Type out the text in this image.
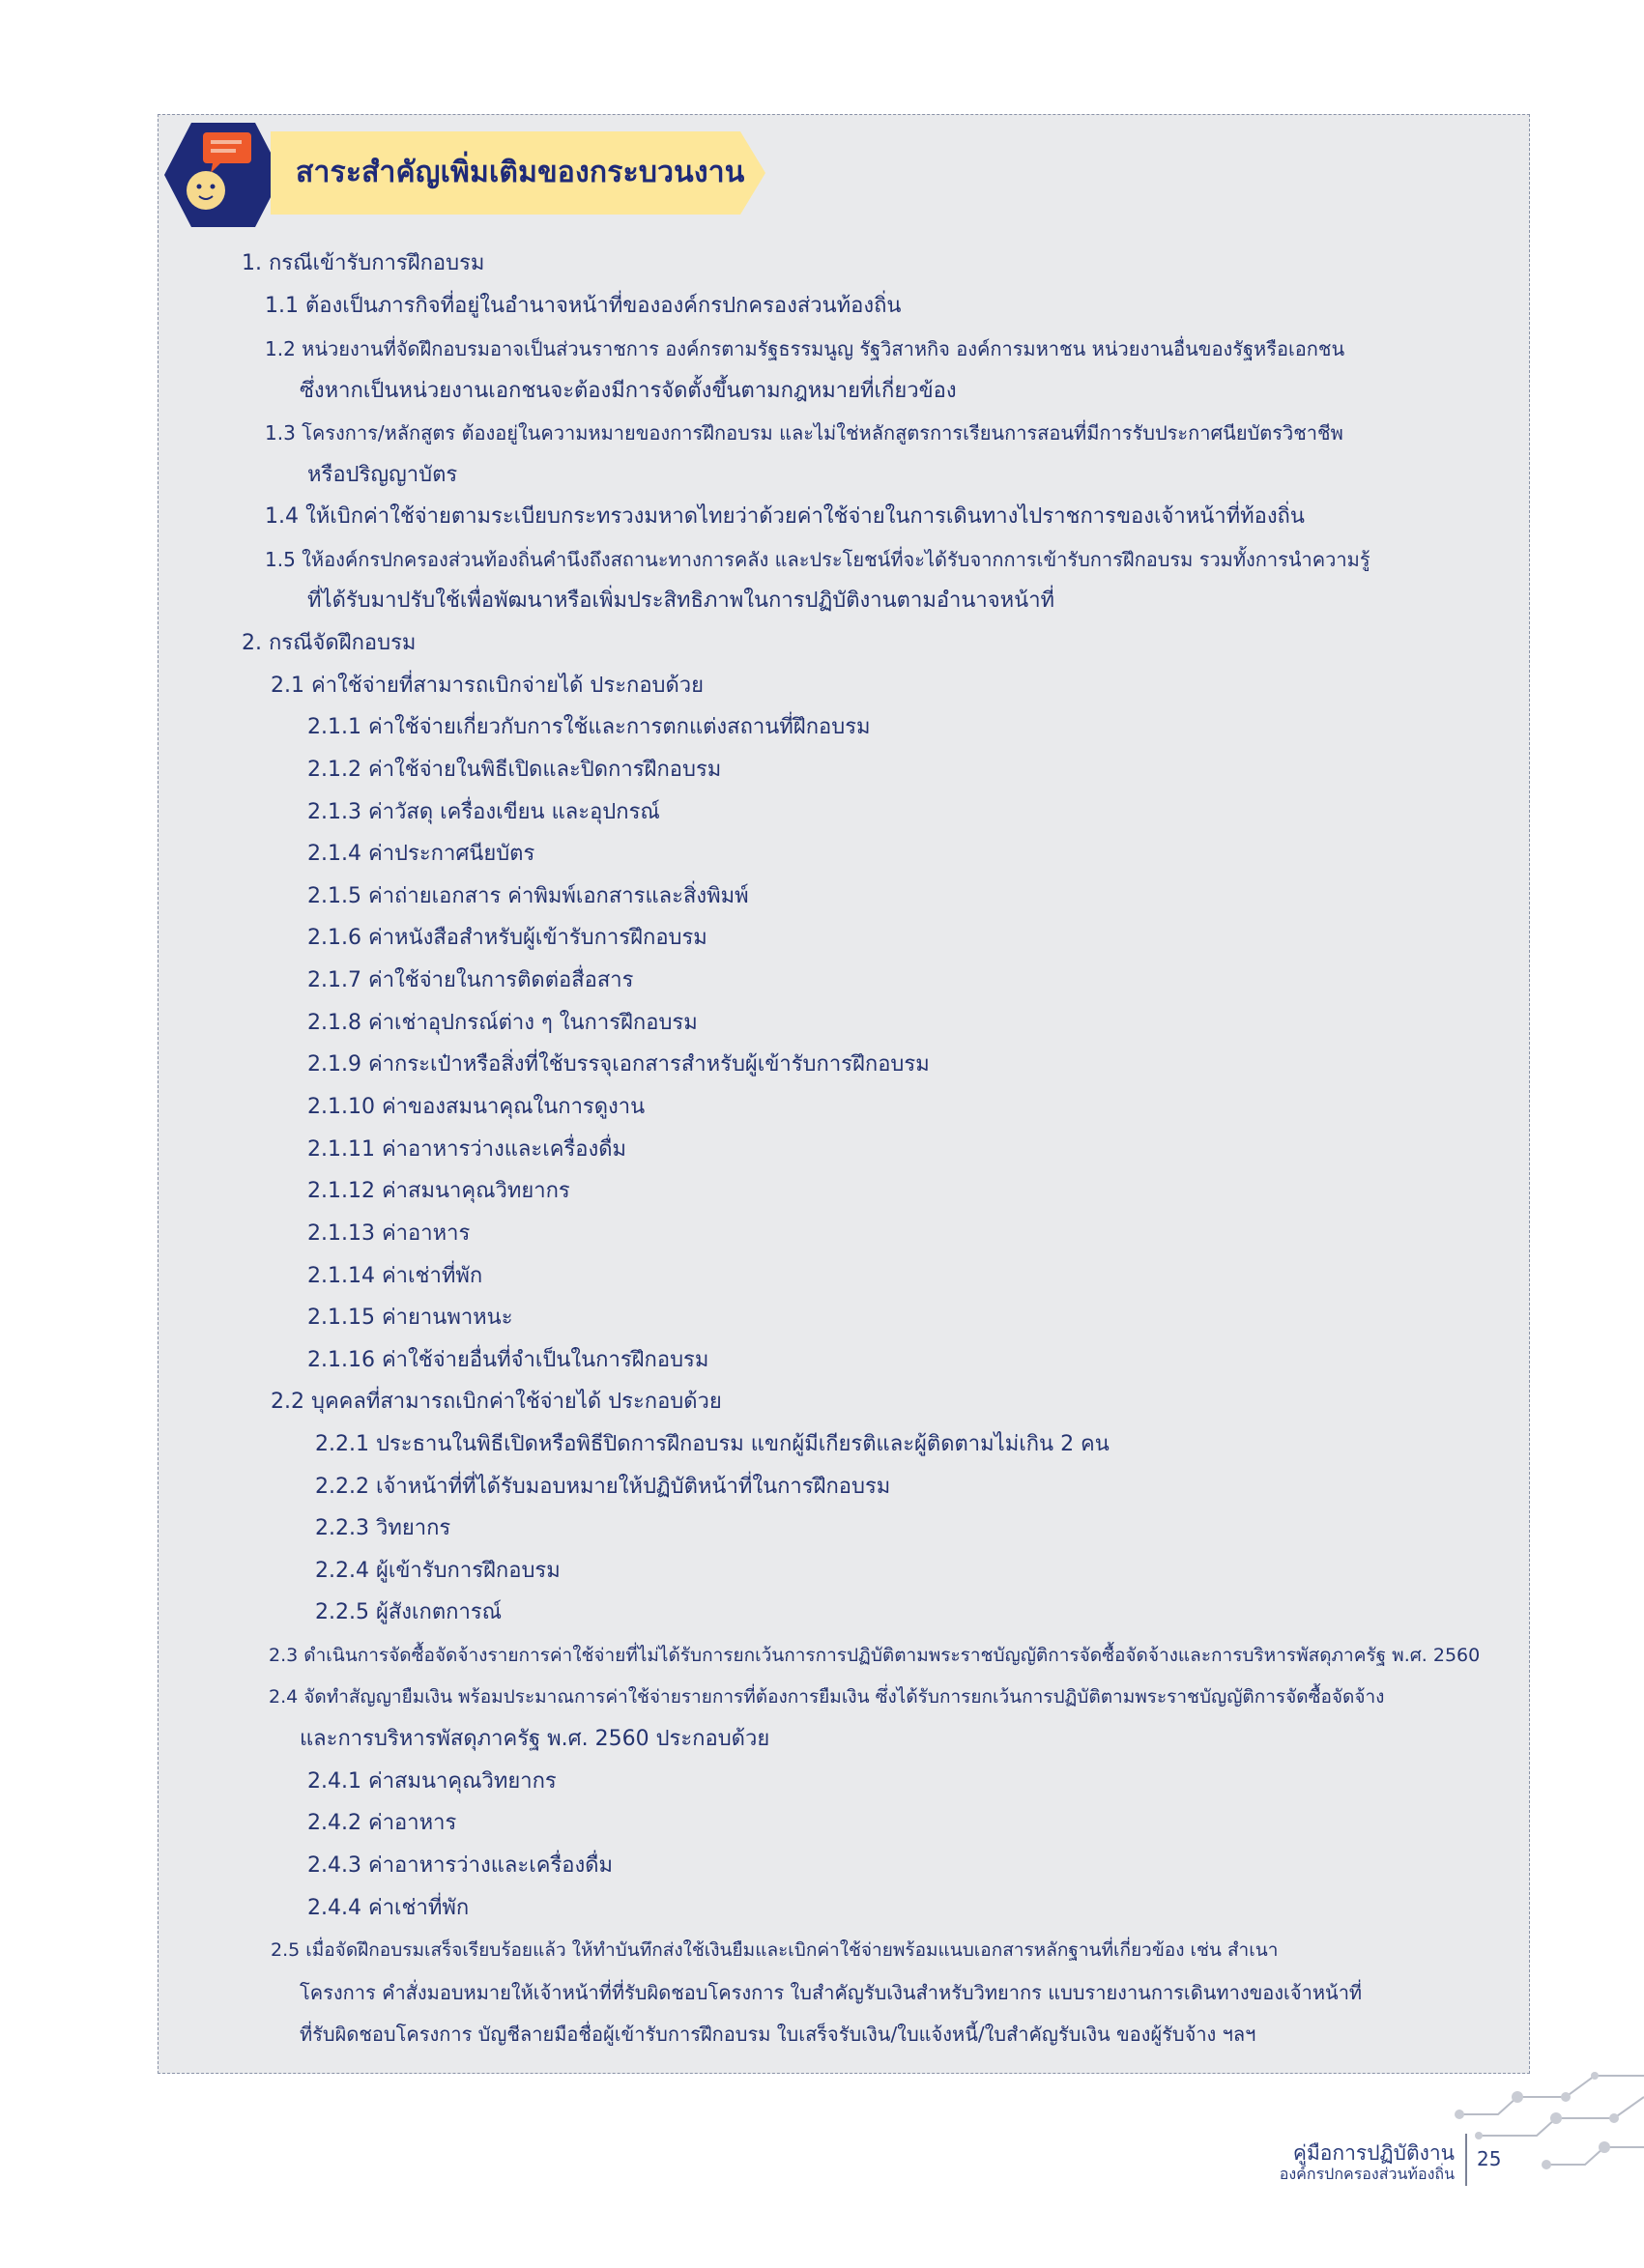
สาระสำคัญเพิ่มเติมของกระบวนงาน
1. กรณีเข้ารับการฝึกอบรม
1.1 ต้องเป็นภารกิจที่อยู่ในอำนาจหน้าที่ขององค์กรปกครองส่วนท้องถิ่น
1.2 หน่วยงานที่จัดฝึกอบรมอาจเป็นส่วนราชการ องค์กรตามรัฐธรรมนูญ รัฐวิสาหกิจ องค์การมหาชน หน่วยงานอื่นของรัฐหรือเอกชน
ซึ่งหากเป็นหน่วยงานเอกชนจะต้องมีการจัดตั้งขึ้นตามกฎหมายที่เกี่ยวข้อง
1.3 โครงการ/หลักสูตร ต้องอยู่ในความหมายของการฝึกอบรม และไม่ใช่หลักสูตรการเรียนการสอนที่มีการรับประกาศนียบัตรวิชาชีพ
หรือปริญญาบัตร
1.4 ให้เบิกค่าใช้จ่ายตามระเบียบกระทรวงมหาดไทยว่าด้วยค่าใช้จ่ายในการเดินทางไปราชการของเจ้าหน้าที่ท้องถิ่น
1.5 ให้องค์กรปกครองส่วนท้องถิ่นคำนึงถึงสถานะทางการคลัง และประโยชน์ที่จะได้รับจากการเข้ารับการฝึกอบรม รวมทั้งการนำความรู้
ที่ได้รับมาปรับใช้เพื่อพัฒนาหรือเพิ่มประสิทธิภาพในการปฏิบัติงานตามอำนาจหน้าที่
2. กรณีจัดฝึกอบรม
2.1 ค่าใช้จ่ายที่สามารถเบิกจ่ายได้ ประกอบด้วย
2.1.1 ค่าใช้จ่ายเกี่ยวกับการใช้และการตกแต่งสถานที่ฝึกอบรม
2.1.2 ค่าใช้จ่ายในพิธีเปิดและปิดการฝึกอบรม
2.1.3 ค่าวัสดุ เครื่องเขียน และอุปกรณ์
2.1.4 ค่าประกาศนียบัตร
2.1.5 ค่าถ่ายเอกสาร ค่าพิมพ์เอกสารและสิ่งพิมพ์
2.1.6 ค่าหนังสือสำหรับผู้เข้ารับการฝึกอบรม
2.1.7 ค่าใช้จ่ายในการติดต่อสื่อสาร
2.1.8 ค่าเช่าอุปกรณ์ต่าง ๆ ในการฝึกอบรม
2.1.9 ค่ากระเป๋าหรือสิ่งที่ใช้บรรจุเอกสารสำหรับผู้เข้ารับการฝึกอบรม
2.1.10 ค่าของสมนาคุณในการดูงาน
2.1.11 ค่าอาหารว่างและเครื่องดื่ม
2.1.12 ค่าสมนาคุณวิทยากร
2.1.13 ค่าอาหาร
2.1.14 ค่าเช่าที่พัก
2.1.15 ค่ายานพาหนะ
2.1.16 ค่าใช้จ่ายอื่นที่จำเป็นในการฝึกอบรม
2.2 บุคคลที่สามารถเบิกค่าใช้จ่ายได้ ประกอบด้วย
2.2.1 ประธานในพิธีเปิดหรือพิธีปิดการฝึกอบรม แขกผู้มีเกียรติและผู้ติดตามไม่เกิน 2 คน
2.2.2 เจ้าหน้าที่ที่ได้รับมอบหมายให้ปฏิบัติหน้าที่ในการฝึกอบรม
2.2.3 วิทยากร
2.2.4 ผู้เข้ารับการฝึกอบรม
2.2.5 ผู้สังเกตการณ์
2.3 ดำเนินการจัดซื้อจัดจ้างรายการค่าใช้จ่ายที่ไม่ได้รับการยกเว้นการการปฏิบัติตามพระราชบัญญัติการจัดซื้อจัดจ้างและการบริหารพัสดุภาครัฐ พ.ศ. 2560
2.4 จัดทำสัญญายืมเงิน พร้อมประมาณการค่าใช้จ่ายรายการที่ต้องการยืมเงิน ซึ่งได้รับการยกเว้นการปฏิบัติตามพระราชบัญญัติการจัดซื้อจัดจ้าง
และการบริหารพัสดุภาครัฐ พ.ศ. 2560 ประกอบด้วย
2.4.1 ค่าสมนาคุณวิทยากร
2.4.2 ค่าอาหาร
2.4.3 ค่าอาหารว่างและเครื่องดื่ม
2.4.4 ค่าเช่าที่พัก
2.5 เมื่อจัดฝึกอบรมเสร็จเรียบร้อยแล้ว ให้ทำบันทึกส่งใช้เงินยืมและเบิกค่าใช้จ่ายพร้อมแนบเอกสารหลักฐานที่เกี่ยวข้อง เช่น สำเนา
โครงการ คำสั่งมอบหมายให้เจ้าหน้าที่ที่รับผิดชอบโครงการ ใบสำคัญรับเงินสำหรับวิทยากร แบบรายงานการเดินทางของเจ้าหน้าที่
ที่รับผิดชอบโครงการ บัญชีลายมือชื่อผู้เข้ารับการฝึกอบรม ใบเสร็จรับเงิน/ใบแจ้งหนี้/ใบสำคัญรับเงิน ของผู้รับจ้าง ฯลฯ
คู่มือการปฏิบัติงาน
องค์กรปกครองส่วนท้องถิ่น
25
